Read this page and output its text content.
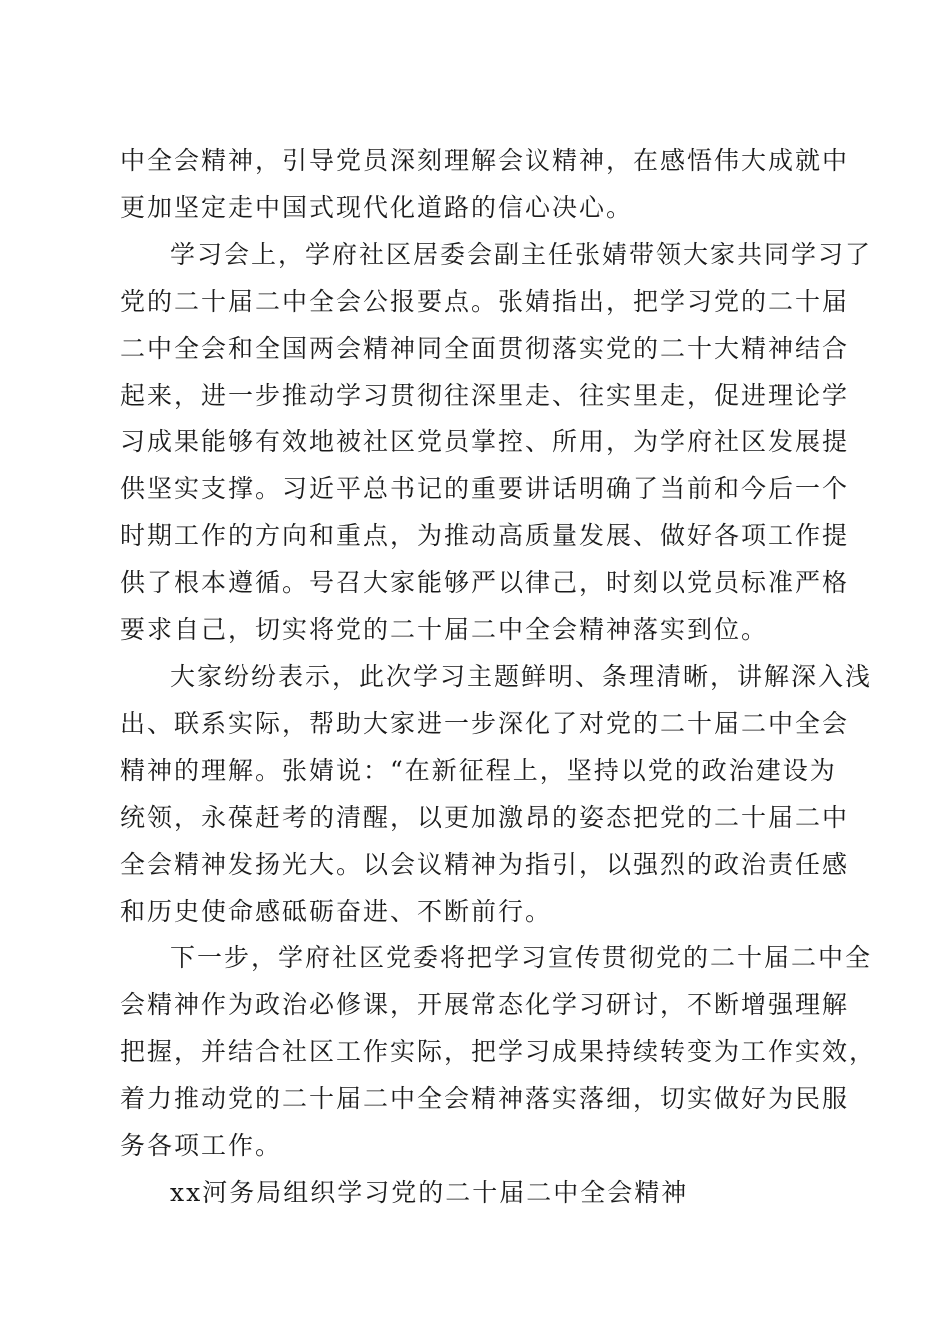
中全会精神，引导党员深刻理解会议精神，在感悟伟大成就中
更加坚定走中国式现代化道路的信心决心。
学习会上，学府社区居委会副主任张婧带领大家共同学习了
党的二十届二中全会公报要点。张婧指出，把学习党的二十届
二中全会和全国两会精神同全面贯彻落实党的二十大精神结合
起来，进一步推动学习贯彻往深里走、往实里走，促进理论学
习成果能够有效地被社区党员掌控、所用，为学府社区发展提
供坚实支撑。习近平总书记的重要讲话明确了当前和今后一个
时期工作的方向和重点，为推动高质量发展、做好各项工作提
供了根本遵循。号召大家能够严以律己，时刻以党员标准严格
要求自己，切实将党的二十届二中全会精神落实到位。
大家纷纷表示，此次学习主题鲜明、条理清晰，讲解深入浅
出、联系实际，帮助大家进一步深化了对党的二十届二中全会
精神的理解。张婧说：“在新征程上，坚持以党的政治建设为
统领，永葆赶考的清醒，以更加激昂的姿态把党的二十届二中
全会精神发扬光大。以会议精神为指引，以强烈的政治责任感
和历史使命感砥砺奋进、不断前行。
下一步，学府社区党委将把学习宣传贯彻党的二十届二中全
会精神作为政治必修课，开展常态化学习研讨，不断增强理解
把握，并结合社区工作实际，把学习成果持续转变为工作实效，
着力推动党的二十届二中全会精神落实落细，切实做好为民服
务各项工作。
xx河务局组织学习党的二十届二中全会精神
